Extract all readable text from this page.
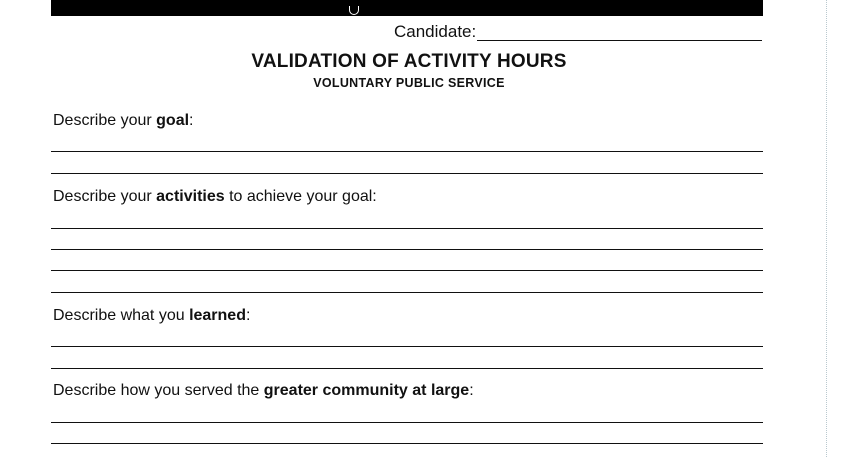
Candidate:
VALIDATION OF ACTIVITY HOURS
VOLUNTARY PUBLIC SERVICE
Describe your goal:
Describe your activities to achieve your goal:
Describe what you learned:
Describe how you served the greater community at large:
